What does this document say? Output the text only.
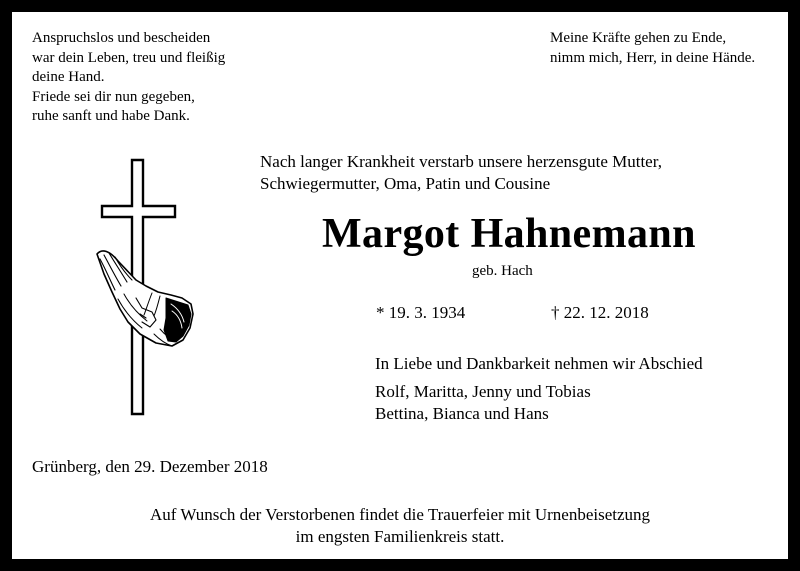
Anspruchslos und bescheiden
war dein Leben, treu und fleißig
deine Hand.
Friede sei dir nun gegeben,
ruhe sanft und habe Dank.
Meine Kräfte gehen zu Ende,
nimm mich, Herr, in deine Hände.
Nach langer Krankheit verstarb unsere herzensgute Mutter,
Schwiegermutter, Oma, Patin und Cousine
Margot Hahnemann
geb. Hach
* 19. 3. 1934	† 22. 12. 2018
In Liebe und Dankbarkeit nehmen wir Abschied
Rolf, Maritta, Jenny und Tobias
Bettina, Bianca und Hans
Grünberg, den 29. Dezember 2018
Auf Wunsch der Verstorbenen findet die Trauerfeier mit Urnenbeisetzung
im engsten Familienkreis statt.
